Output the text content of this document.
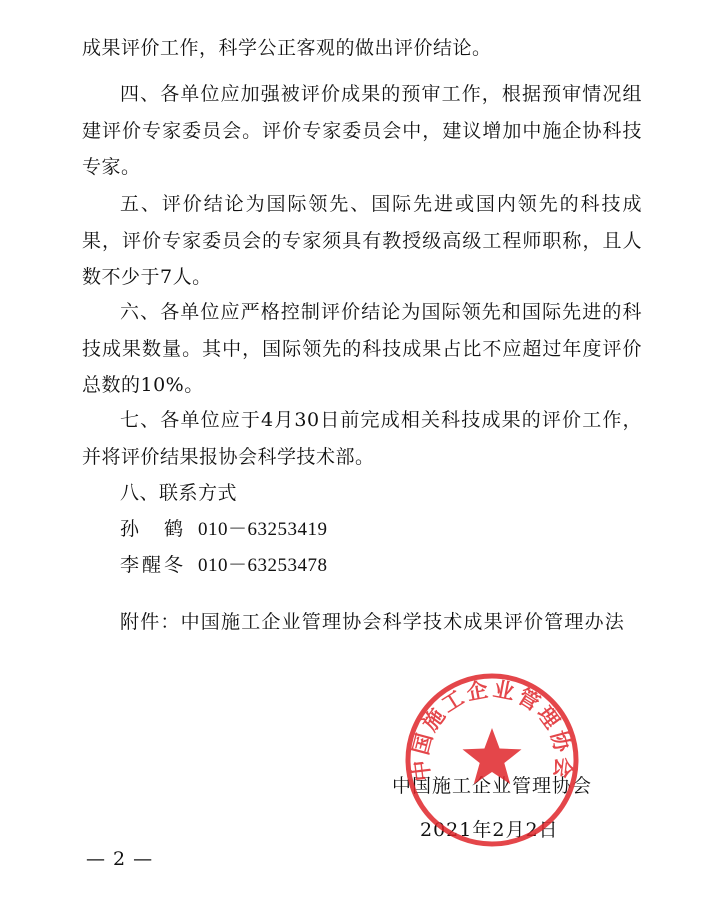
成果评价工作，科学公正客观的做出评价结论。

四、各单位应加强被评价成果的预审工作，根据预审情况组建评价专家委员会。评价专家委员会中，建议增加中施企协科技专家。

五、评价结论为国际领先、国际先进或国内领先的科技成果，评价专家委员会的专家须具有教授级高级工程师职称，且人数不少于7人。

六、各单位应严格控制评价结论为国际领先和国际先进的科技成果数量。其中，国际领先的科技成果占比不应超过年度评价总数的10%。

七、各单位应于4月30日前完成相关科技成果的评价工作，并将评价结果报协会科学技术部。

八、联系方式

孙　鹤 010－63253419
李醒冬 010－63253478
附件：中国施工企业管理协会科学技术成果评价管理办法
中国施工企业管理协会
中国施工企业管理协会
2021年2月2日
— 2 —
